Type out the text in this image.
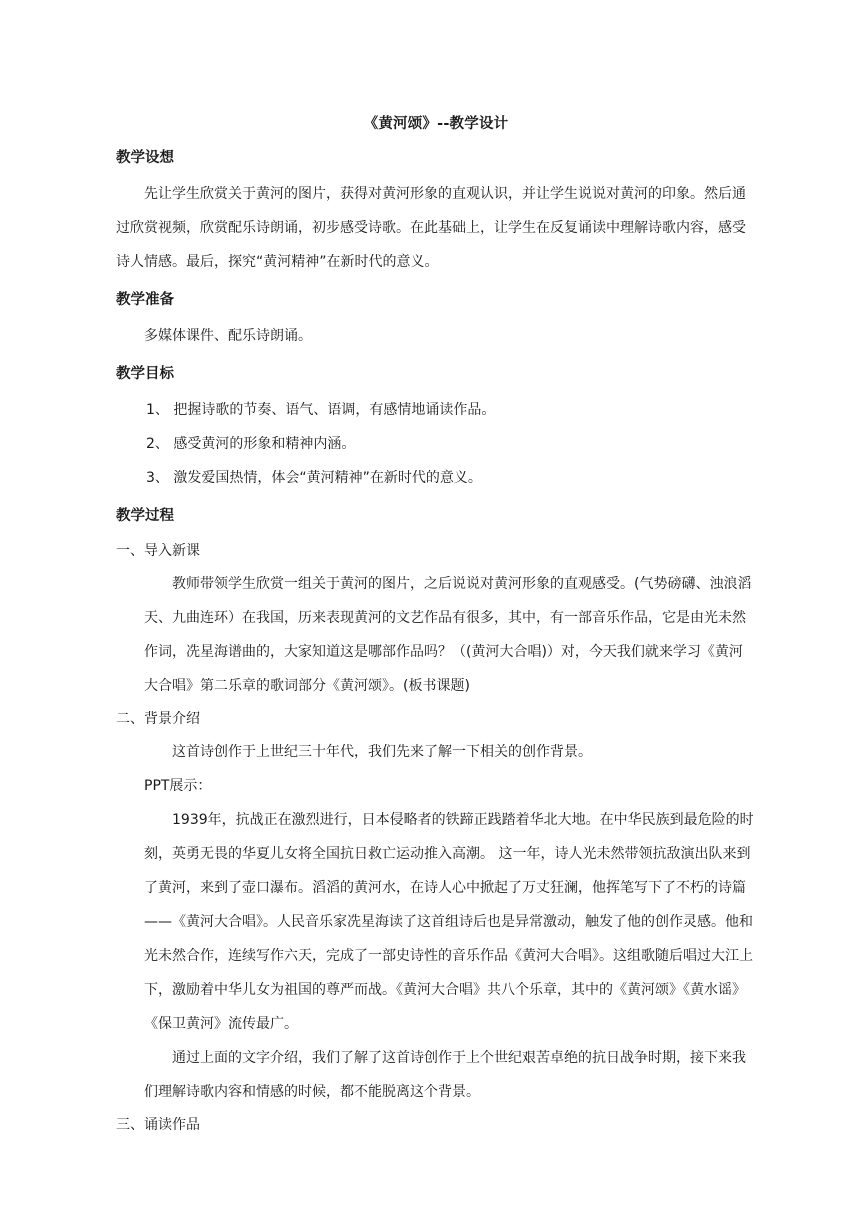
《黄河颂》--教学设计
教学设想

先让学生欣赏关于黄河的图片，获得对黄河形象的直观认识，并让学生说说对黄河的印象。然后通过欣赏视频，欣赏配乐诗朗诵，初步感受诗歌。在此基础上，让学生在反复诵读中理解诗歌内容，感受诗人情感。最后，探究“黄河精神”在新时代的意义。

教学准备

多媒体课件、配乐诗朗诵。

教学目标

1、 把握诗歌的节奏、语气、语调，有感情地诵读作品。

2、 感受黄河的形象和精神内涵。

3、 激发爱国热情，体会“黄河精神”在新时代的意义。

教学过程

一、导入新课

教师带领学生欣赏一组关于黄河的图片，之后说说对黄河形象的直观感受。(气势磅礴、浊浪滔天、九曲连环）在我国，历来表现黄河的文艺作品有很多，其中，有一部音乐作品，它是由光未然作词，冼星海谱曲的，大家知道这是哪部作品吗？（(黄河大合唱)）对，今天我们就来学习《黄河大合唱》第二乐章的歌词部分《黄河颂》。(板书课题)

二、背景介绍

这首诗创作于上世纪三十年代，我们先来了解一下相关的创作背景。

PPT展示：

1939年，抗战正在激烈进行，日本侵略者的铁蹄正践踏着华北大地。在中华民族到最危险的时刻，英勇无畏的华夏儿女将全国抗日救亡运动推入高潮。 这一年，诗人光未然带领抗敌演出队来到了黄河，来到了壶口瀑布。滔滔的黄河水，在诗人心中掀起了万丈狂澜，他挥笔写下了不朽的诗篇——《黄河大合唱》。人民音乐家冼星海读了这首组诗后也是异常激动，触发了他的创作灵感。他和光未然合作，连续写作六天，完成了一部史诗性的音乐作品《黄河大合唱》。这组歌随后唱过大江上下，激励着中华儿女为祖国的尊严而战。《黄河大合唱》共八个乐章，其中的《黄河颂》《黄水谣》《保卫黄河》流传最广。

通过上面的文字介绍，我们了解了这首诗创作于上个世纪艰苦卓绝的抗日战争时期，接下来我们理解诗歌内容和情感的时候，都不能脱离这个背景。

三、诵读作品
